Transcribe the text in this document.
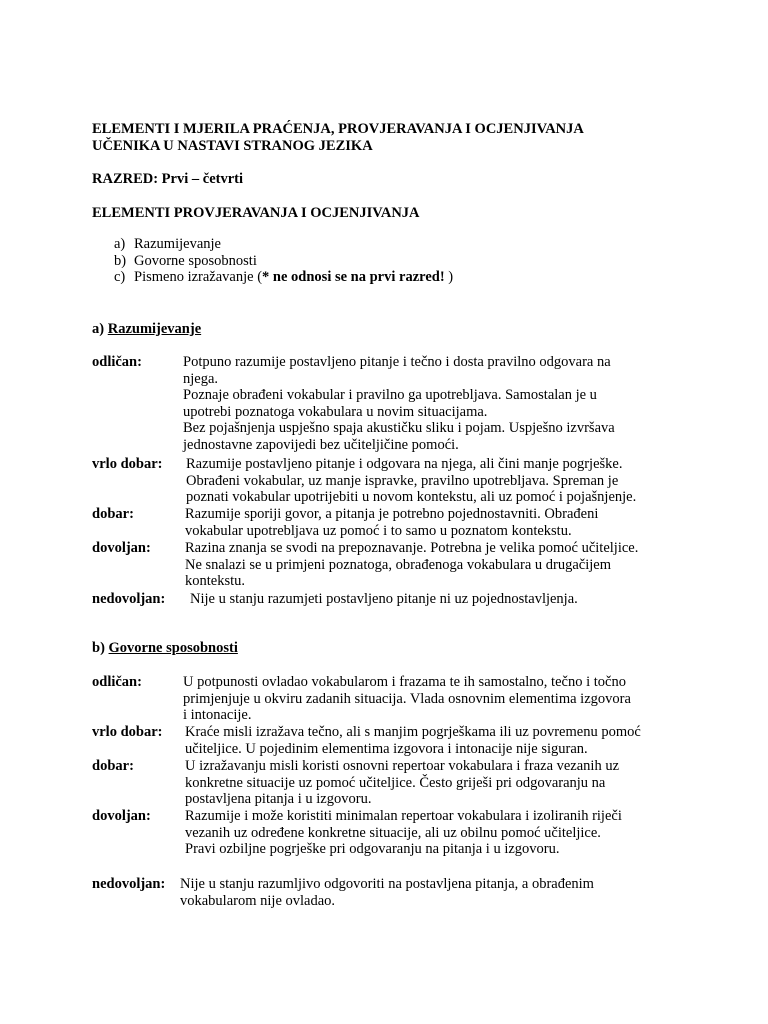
ELEMENTI I MJERILA PRAĆENJA, PROVJERAVANJA I OCJENJIVANJA
UČENIKA U NASTAVI STRANOG JEZIKA
RAZRED: Prvi – četvrti
ELEMENTI PROVJERAVANJA I OCJENJIVANJA
a) Razumijevanje
b) Govorne sposobnosti
c) Pismeno izražavanje (* ne odnosi se na prvi razred! )
a) Razumijevanje
odličan:	Potpuno razumije postavljeno pitanje i tečno i dosta pravilno odgovara na
njega.
Poznaje obrađeni vokabular i pravilno ga upotrebljava. Samostalan je u
upotrebi poznatoga vokabulara u novim situacijama.
Bez pojašnjenja uspješno spaja akustičku sliku i pojam. Uspješno izvršava
jednostavne zapovijedi bez učiteljičine pomoći.
vrlo dobar: Razumije postavljeno pitanje i odgovara na njega, ali čini manje pogrješke.
Obrađeni vokabular, uz manje ispravke, pravilno upotrebljava. Spreman je
poznati vokabular upotrijebiti u novom kontekstu, ali uz pomoć i pojašnjenje.
dobar:	Razumije sporiji govor, a pitanja je potrebno pojednostavniti. Obrađeni
vokabular upotrebljava uz pomoć i to samo u poznatom kontekstu.
dovoljan: Razina znanja se svodi na prepoznavanje. Potrebna je velika pomoć učiteljice.
Ne snalazi se u primjeni poznatoga, obrađenoga vokabulara u drugačijem
kontekstu.
nedovoljan: Nije u stanju razumjeti postavljeno pitanje ni uz pojednostavljenja.
b) Govorne sposobnosti
odličan:	U potpunosti ovladao vokabularom i frazama te ih samostalno, tečno i točno
primjenjuje u okviru zadanih situacija. Vlada osnovnim elementima izgovora
i intonacije.
vrlo dobar: Kraće misli izražava tečno, ali s manjim pogrješkama ili uz povremenu pomoć
učiteljice. U pojedinim elementima izgovora i intonacije nije siguran.
dobar:	U izražavanju misli koristi osnovni repertoar vokabulara i fraza vezanih uz
konkretne situacije uz pomoć učiteljice. Često griješi pri odgovaranju na
postavljena pitanja i u izgovoru.
dovoljan: Razumije i može koristiti minimalan repertoar vokabulara i izoliranih riječi
vezanih uz određene konkretne situacije, ali uz obilnu pomoć učiteljice.
Pravi ozbiljne pogrješke pri odgovaranju na pitanja i u izgovoru.
nedovoljan: Nije u stanju razumljivo odgovoriti na postavljena pitanja, a obrađenim
vokabularom nije ovladao.
